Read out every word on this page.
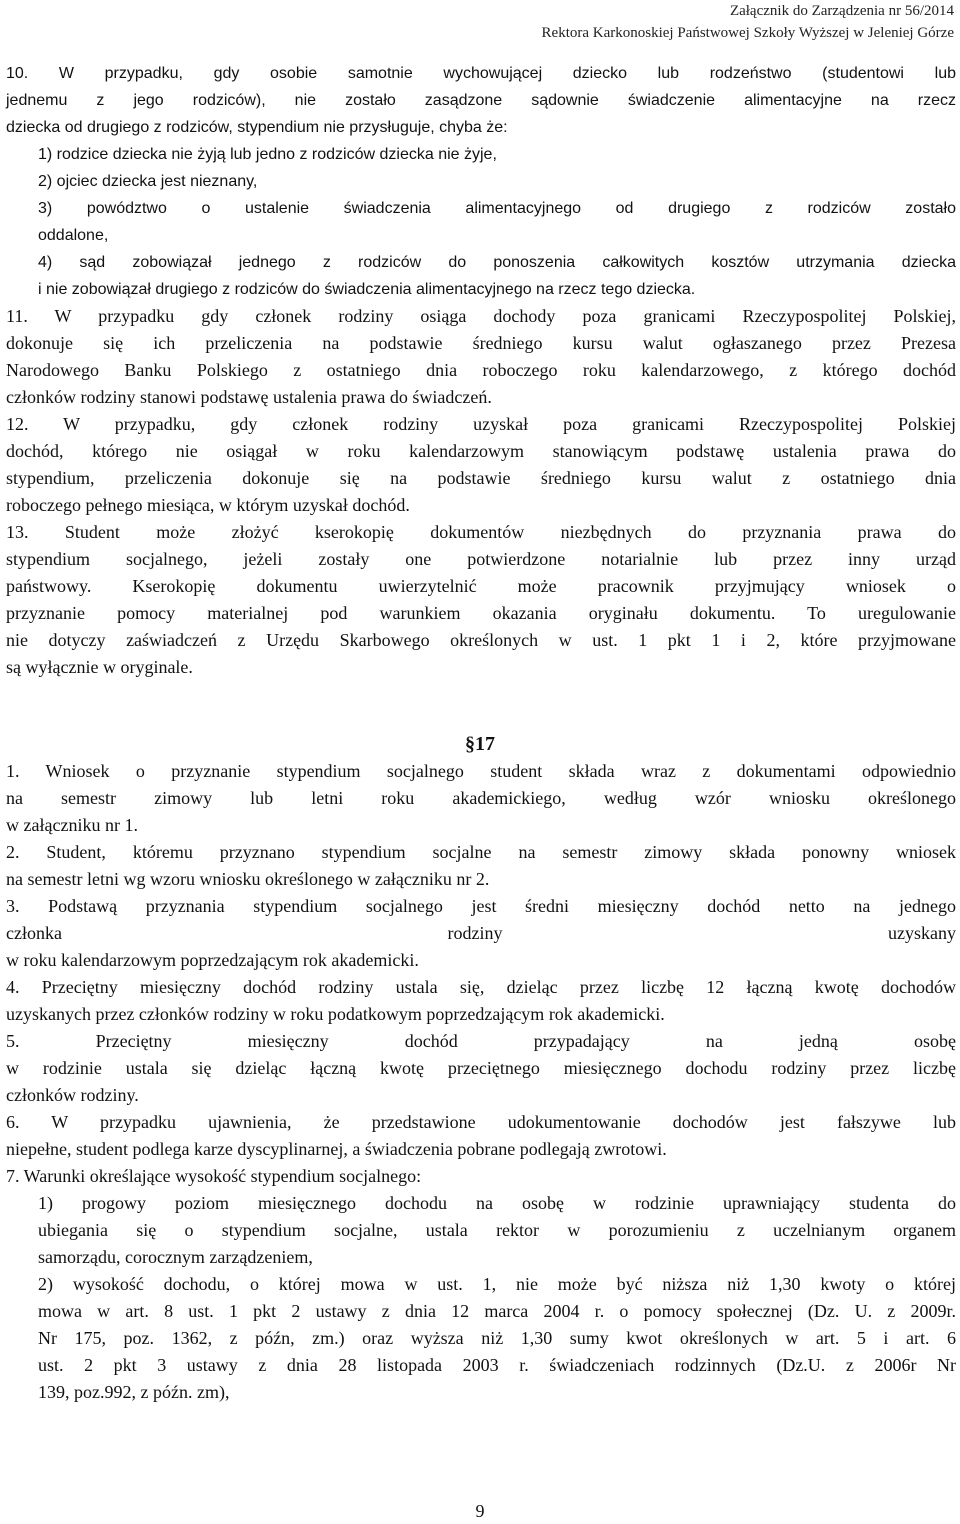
Załącznik do Zarządzenia nr 56/2014
Rektora Karkonoskiej Państwowej Szkoły Wyższej w Jeleniej Górze
10. W przypadku, gdy osobie samotnie wychowującej dziecko lub rodzeństwo (studentowi lub
jednemu z jego rodziców), nie zostało zasądzone sądownie świadczenie alimentacyjne na rzecz
dziecka od drugiego z rodziców, stypendium nie przysługuje, chyba że:
1) rodzice dziecka nie żyją lub jedno z rodziców dziecka nie żyje,
2) ojciec dziecka jest nieznany,
3) powództwo o ustalenie świadczenia alimentacyjnego od drugiego z rodziców zostało
oddalone,
4) sąd zobowiązał jednego z rodziców do ponoszenia całkowitych kosztów utrzymania dziecka
i nie zobowiązał drugiego z rodziców do świadczenia alimentacyjnego na rzecz tego dziecka.
11. W przypadku gdy członek rodziny osiąga dochody poza granicami Rzeczypospolitej Polskiej,
dokonuje się ich przeliczenia na podstawie średniego kursu walut ogłaszanego przez Prezesa
Narodowego Banku Polskiego z ostatniego dnia roboczego roku kalendarzowego, z którego dochód
członków rodziny stanowi podstawę ustalenia prawa do świadczeń.
12. W przypadku, gdy członek rodziny uzyskał poza granicami Rzeczypospolitej Polskiej
dochód, którego nie osiągał w roku kalendarzowym stanowiącym podstawę ustalenia prawa do
stypendium, przeliczenia dokonuje się na podstawie średniego kursu walut z ostatniego dnia
roboczego pełnego miesiąca, w którym uzyskał dochód.
13. Student może złożyć kserokopię dokumentów niezbędnych do przyznania prawa do
stypendium socjalnego, jeżeli zostały one potwierdzone notarialnie lub przez inny urząd
państwowy. Kserokopię dokumentu uwierzytelnić może pracownik przyjmujący wniosek o
przyznanie pomocy materialnej pod warunkiem okazania oryginału dokumentu. To uregulowanie
nie dotyczy zaświadczeń z Urzędu Skarbowego określonych w ust. 1 pkt 1 i 2, które przyjmowane
są wyłącznie w oryginale.
§17
1. Wniosek o przyznanie stypendium socjalnego student składa wraz z dokumentami odpowiednio
na semestr zimowy lub letni roku akademickiego, według wzór wniosku określonego
w załączniku nr 1.
2. Student, któremu przyznano stypendium socjalne na semestr zimowy składa ponowny wniosek
na semestr letni wg wzoru wniosku określonego w załączniku nr 2.
3. Podstawą przyznania stypendium socjalnego jest średni miesięczny dochód netto na jednego
członka rodziny uzyskany
w roku kalendarzowym poprzedzającym rok akademicki.
4. Przeciętny miesięczny dochód rodziny ustala się, dzieląc przez liczbę 12 łączną kwotę dochodów
uzyskanych przez członków rodziny w roku podatkowym poprzedzającym rok akademicki.
5. Przeciętny miesięczny dochód przypadający na jedną osobę
w rodzinie ustala się dzieląc łączną kwotę przeciętnego miesięcznego dochodu rodziny przez liczbę
członków rodziny.
6. W przypadku ujawnienia, że przedstawione udokumentowanie dochodów jest fałszywe lub
niepełne, student podlega karze dyscyplinarnej, a świadczenia pobrane podlegają zwrotowi.
7. Warunki określające wysokość stypendium socjalnego:
1) progowy poziom miesięcznego dochodu na osobę w rodzinie uprawniający studenta do
ubiegania się o stypendium socjalne, ustala rektor w porozumieniu z uczelnianym organem
samorządu, corocznym zarządzeniem,
2) wysokość dochodu, o której mowa w ust. 1, nie może być niższa niż 1,30 kwoty o której
mowa w art. 8 ust. 1 pkt 2 ustawy z dnia 12 marca 2004 r. o pomocy społecznej (Dz. U. z 2009r.
Nr 175, poz. 1362, z późn, zm.) oraz wyższa niż 1,30 sumy kwot określonych w art. 5 i art. 6
ust. 2 pkt 3 ustawy z dnia 28 listopada 2003 r. świadczeniach rodzinnych (Dz.U. z 2006r Nr
139, poz.992, z późn. zm),
9
